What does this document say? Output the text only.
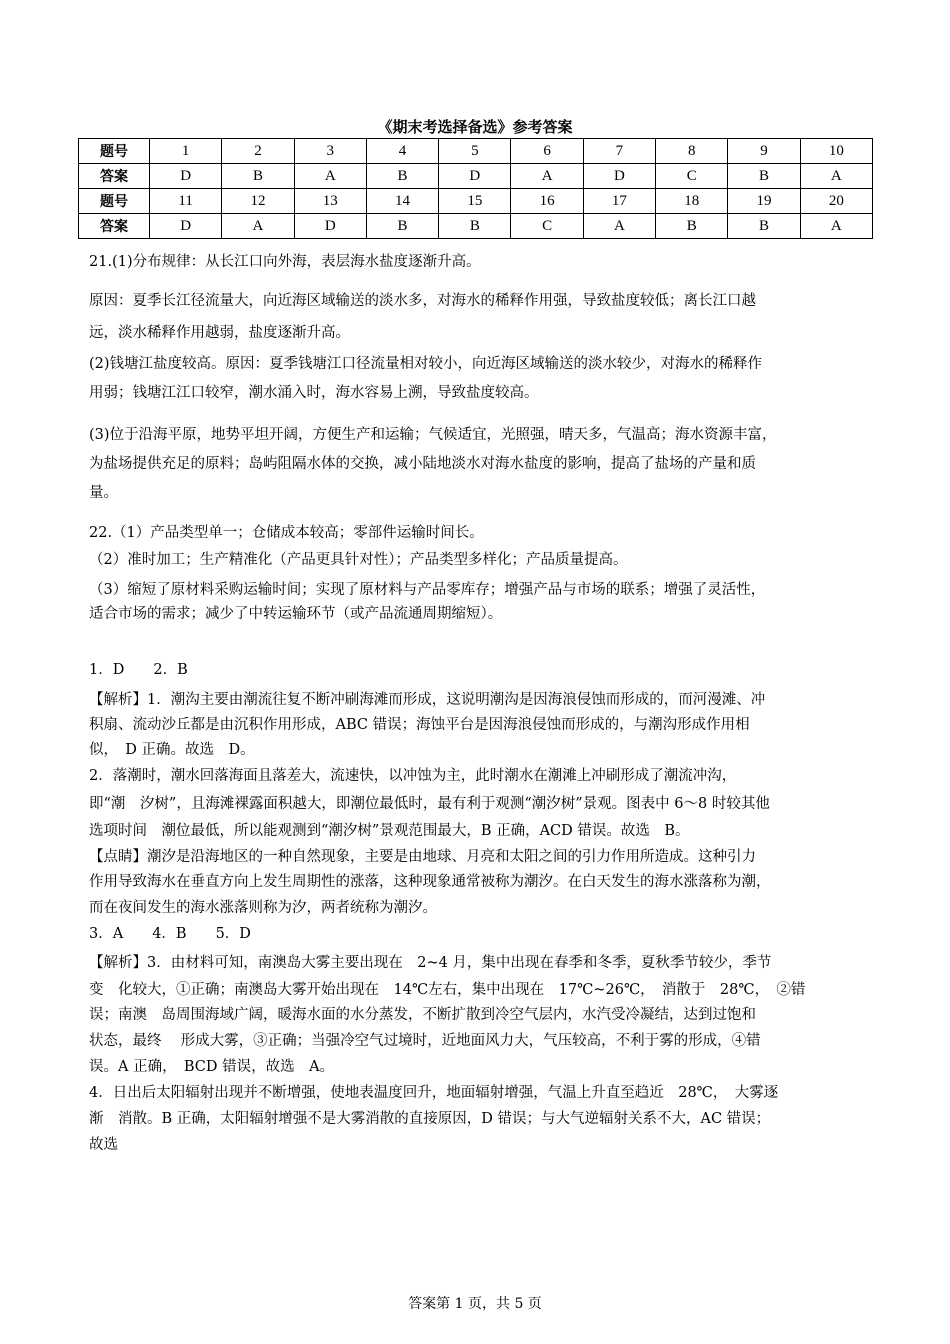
《期末考选择备选》参考答案
题号	1	2	3	4	5	6	7	8	9	10
答案	D	B	A	B	D	A	D	C	B	A
题号	11	12	13	14	15	16	17	18	19	20
答案	D	A	D	B	B	C	A	B	B	A
21.(1)分布规律：从长江口向外海，表层海水盐度逐渐升高。
原因：夏季长江径流量大，向近海区域输送的淡水多，对海水的稀释作用强，导致盐度较低；离长江口越
远，淡水稀释作用越弱，盐度逐渐升高。
(2)钱塘江盐度较高。原因：夏季钱塘江口径流量相对较小，向近海区域输送的淡水较少，对海水的稀释作
用弱；钱塘江江口较窄，潮水涌入时，海水容易上溯，导致盐度较高。
(3)位于沿海平原，地势平坦开阔，方便生产和运输；气候适宜，光照强，晴天多，气温高；海水资源丰富，
为盐场提供充足的原料；岛屿阻隔水体的交换，减小陆地淡水对海水盐度的影响，提高了盐场的产量和质
量。
22.（1）产品类型单一；仓储成本较高；零部件运输时间长。
（2）准时加工；生产精准化（产品更具针对性）；产品类型多样化；产品质量提高。
（3）缩短了原材料采购运输时间；实现了原材料与产品零库存；增强产品与市场的联系；增强了灵活性，
适合市场的需求；减少了中转运输环节（或产品流通周期缩短）。
1．D　　2．B
【解析】1．潮沟主要由潮流往复不断冲刷海滩而形成，这说明潮沟是因海浪侵蚀而形成的，而河漫滩、冲
积扇、流动沙丘都是由沉积作用形成，ABC 错误；海蚀平台是因海浪侵蚀而形成的，与潮沟形成作用相
似，　D 正确。故选　D。
2．落潮时，潮水回落海面且落差大，流速快，以冲蚀为主，此时潮水在潮滩上冲刷形成了潮流冲沟，
即“潮　汐树”，且海滩裸露面积越大，即潮位最低时，最有利于观测“潮汐树”景观。图表中 6～8 时较其他
选项时间　潮位最低，所以能观测到“潮汐树”景观范围最大，B 正确，ACD 错误。故选　B。
【点睛】潮汐是沿海地区的一种自然现象，主要是由地球、月亮和太阳之间的引力作用所造成。这种引力
作用导致海水在垂直方向上发生周期性的涨落，这种现象通常被称为潮汐。在白天发生的海水涨落称为潮，
而在夜间发生的海水涨落则称为汐，两者统称为潮汐。
3．A　　4．B　　5．D
【解析】3．由材料可知，南澳岛大雾主要出现在　2~4 月，集中出现在春季和冬季，夏秋季节较少，季节
变　化较大，①正确；南澳岛大雾开始出现在　14℃左右，集中出现在　17℃~26℃，　消散于　28℃，　②错
误；南澳　岛周围海域广阔，暖海水面的水分蒸发，不断扩散到冷空气层内，水汽受冷凝结，达到过饱和
状态，最终　 形成大雾，③正确；当强冷空气过境时，近地面风力大，气压较高，不利于雾的形成，④错
误。A 正确，　BCD 错误，故选　A。
4．日出后太阳辐射出现并不断增强，使地表温度回升，地面辐射增强，气温上升直至趋近　28℃，　大雾逐
渐　消散。B 正确，太阳辐射增强不是大雾消散的直接原因，D 错误；与大气逆辐射关系不大，AC 错误；
故选
答案第 1 页，共 5 页
